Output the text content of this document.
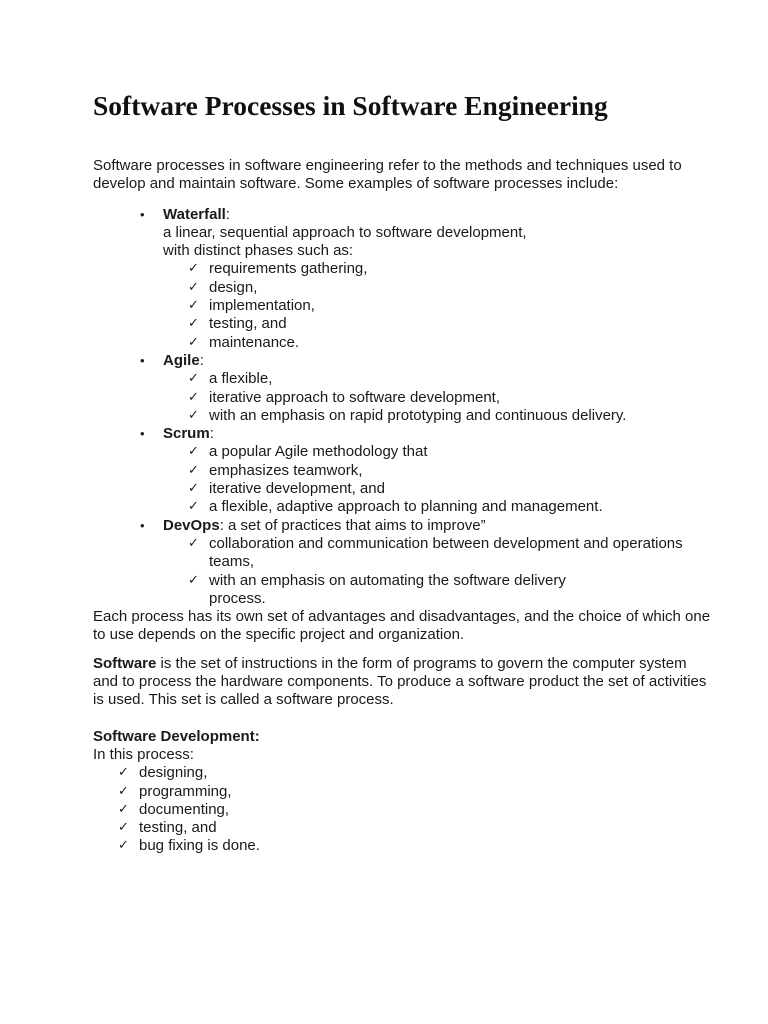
Software Processes in Software Engineering

Software processes in software engineering refer to the methods and techniques used to develop and maintain software. Some examples of software processes include:

• Waterfall:
a linear, sequential approach to software development,
with distinct phases such as:
✓ requirements gathering,
✓ design,
✓ implementation,
✓ testing, and
✓ maintenance.
• Agile:
✓ a flexible,
✓ iterative approach to software development,
✓ with an emphasis on rapid prototyping and continuous delivery.
• Scrum:
✓ a popular Agile methodology that
✓ emphasizes teamwork,
✓ iterative development, and
✓ a flexible, adaptive approach to planning and management.
• DevOps: a set of practices that aims to improve”
✓ collaboration and communication between development and operations teams,
✓ with an emphasis on automating the software delivery process.

Each process has its own set of advantages and disadvantages, and the choice of which one to use depends on the specific project and organization.

Software is the set of instructions in the form of programs to govern the computer system and to process the hardware components. To produce a software product the set of activities is used. This set is called a software process.

Software Development:
In this process:
✓ designing,
✓ programming,
✓ documenting,
✓ testing, and
✓ bug fixing is done.
